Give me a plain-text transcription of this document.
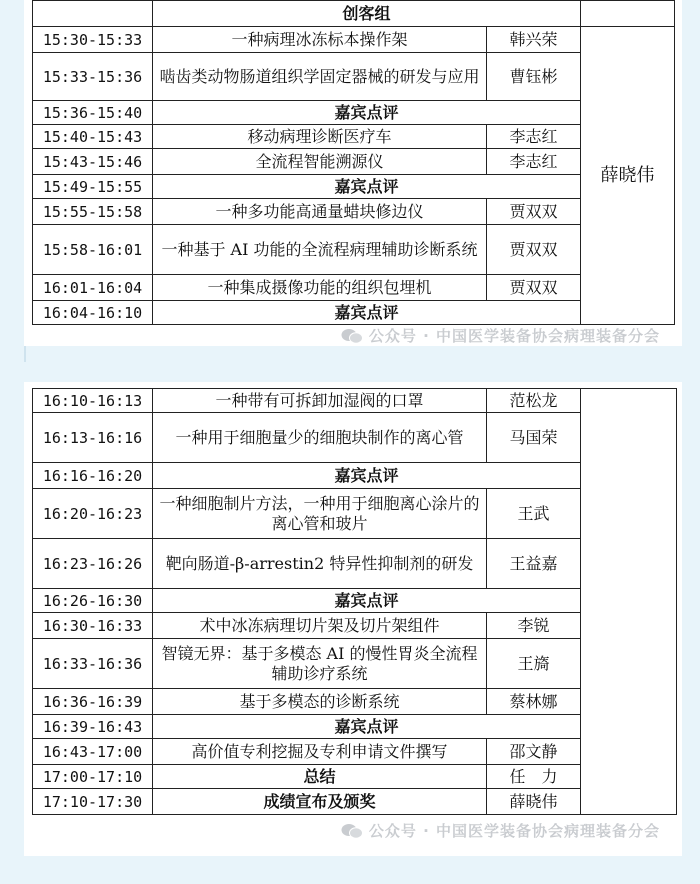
	创客组		
15:30-15:33	一种病理冰冻标本操作架	韩兴荣	薛晓伟
15:33-15:36	啮齿类动物肠道组织学固定器械的研发与应用	曹钰彬	
15:36-15:40	嘉宾点评		
15:40-15:43	移动病理诊断医疗车	李志红	
15:43-15:46	全流程智能溯源仪	李志红	
15:49-15:55	嘉宾点评		
15:55-15:58	一种多功能高通量蜡块修边仪	贾双双	
15:58-16:01	一种基于 AI 功能的全流程病理辅助诊断系统	贾双双	
16:01-16:04	一种集成摄像功能的组织包埋机	贾双双	
16:04-16:10	嘉宾点评		
公众号 · 中国医学装备协会病理装备分会
16:10-16:13	一种带有可拆卸加湿阀的口罩	范松龙	
16:13-16:16	一种用于细胞量少的细胞块制作的离心管	马国荣	
16:16-16:20	嘉宾点评		
16:20-16:23	一种细胞制片方法，一种用于细胞离心涂片的离心管和玻片	王武	
16:23-16:26	靶向肠道-β-arrestin2 特异性抑制剂的研发	王益嘉	
16:26-16:30	嘉宾点评		
16:30-16:33	术中冰冻病理切片架及切片架组件	李锐	
16:33-16:36	智镜无界：基于多模态 AI 的慢性胃炎全流程辅助诊疗系统	王旖	
16:36-16:39	基于多模态的诊断系统	蔡林娜	
16:39-16:43	嘉宾点评		
16:43-17:00	高价值专利挖掘及专利申请文件撰写	邵文静	
17:00-17:10	总结	任　力	
17:10-17:30	成绩宣布及颁奖	薛晓伟	
公众号 · 中国医学装备协会病理装备分会
